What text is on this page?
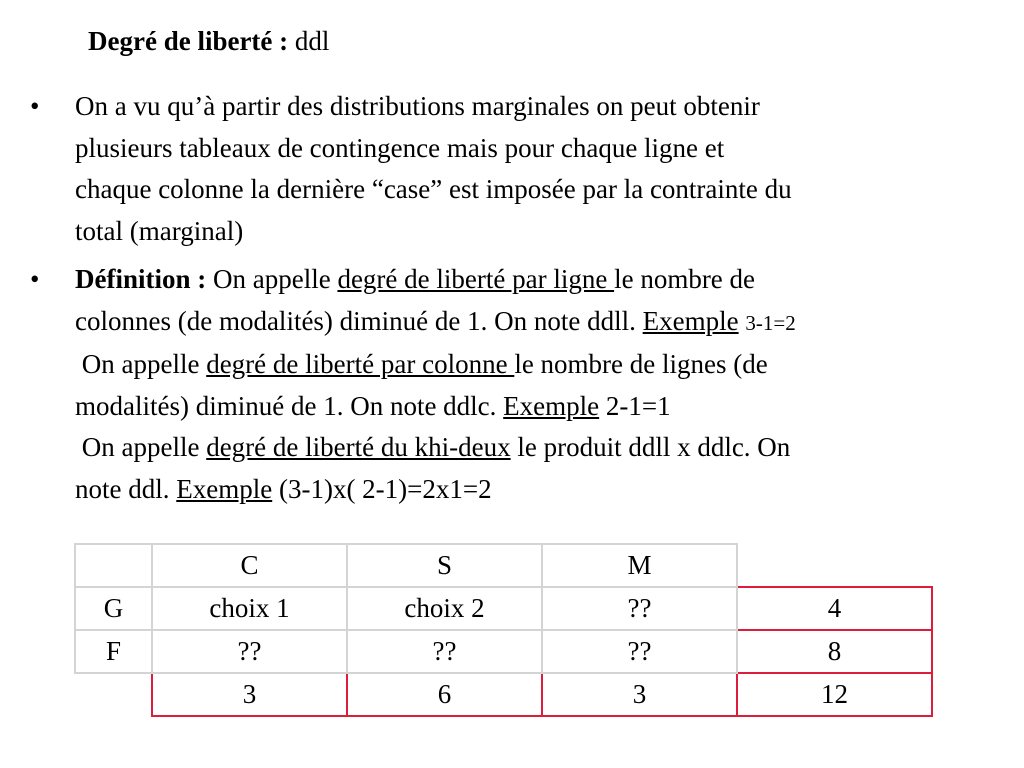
Degré de liberté : ddl
• On a vu qu’à partir des distributions marginales on peut obtenir
plusieurs tableaux de contingence mais pour chaque ligne et
chaque colonne la dernière “case” est imposée par la contrainte du
total (marginal)
• Définition : On appelle degré de liberté par ligne le nombre de
colonnes (de modalités) diminué de 1. On note ddll. Exemple 3-1=2
On appelle degré de liberté par colonne le nombre de lignes (de
modalités) diminué de 1. On note ddlc. Exemple 2-1=1
On appelle degré de liberté du khi-deux le produit ddll x ddlc. On
note ddl. Exemple (3-1)x( 2-1)=2x1=2
	C	S	M	
G	choix 1	choix 2	??	4
F	??	??	??	8
	3	6	3	12
